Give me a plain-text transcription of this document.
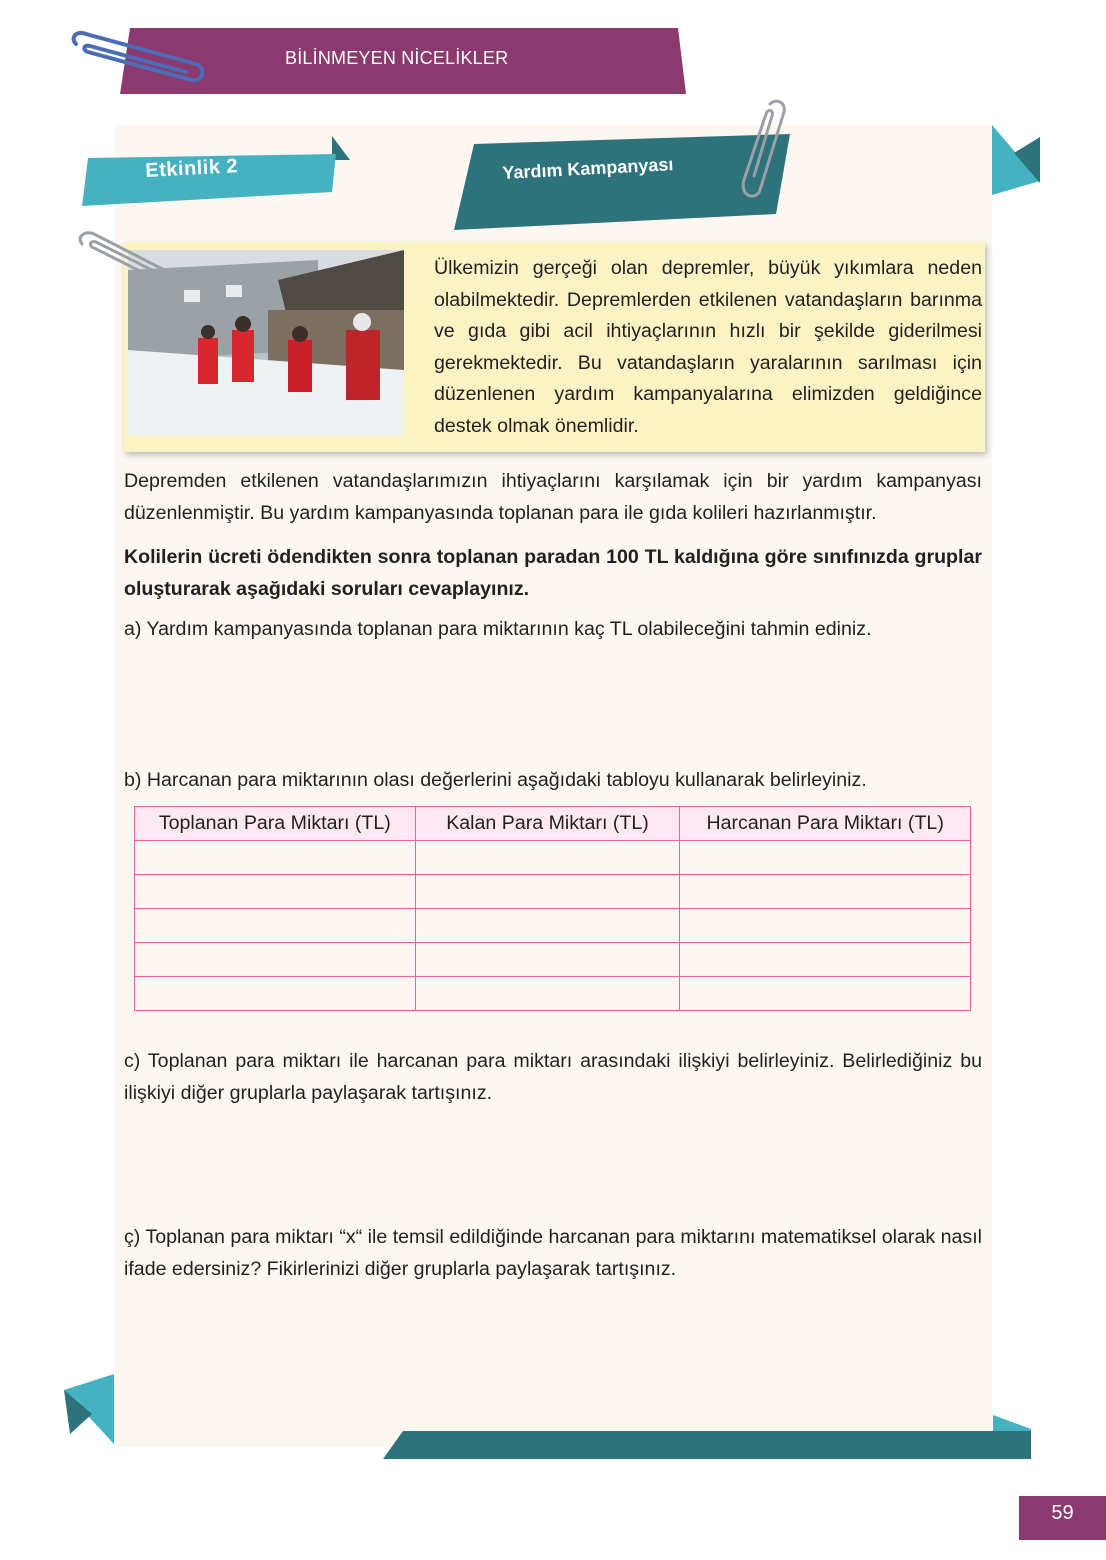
BİLİNMEYEN NİCELİKLER
Etkinlik 2	Yardım Kampanyası
Ülkemizin gerçeği olan depremler, büyük yıkımlara neden olabilmektedir. Depremlerden etkilenen vatandaşların barınma ve gıda gibi acil ihtiyaçlarının hızlı bir şekilde giderilmesi gerekmektedir. Bu vatandaşların yaralarının sarılması için düzenlenen yardım kampanyalarına elimizden geldiğince destek olmak önemlidir.
Depremden etkilenen vatandaşlarımızın ihtiyaçlarını karşılamak için bir yardım kampanyası düzenlenmiştir. Bu yardım kampanyasında toplanan para ile gıda kolileri hazırlanmıştır.
Kolilerin ücreti ödendikten sonra toplanan paradan 100 TL kaldığına göre sınıfınızda gruplar oluşturarak aşağıdaki soruları cevaplayınız.
a) Yardım kampanyasında toplanan para miktarının kaç TL olabileceğini tahmin ediniz.
b) Harcanan para miktarının olası değerlerini aşağıdaki tabloyu kullanarak belirleyiniz.
Toplanan Para Miktarı (TL)	Kalan Para Miktarı (TL)	Harcanan Para Miktarı (TL)

c) Toplanan para miktarı ile harcanan para miktarı arasındaki ilişkiyi belirleyiniz. Belirlediğiniz bu ilişkiyi diğer gruplarla paylaşarak tartışınız.
ç) Toplanan para miktarı “x“ ile temsil edildiğinde harcanan para miktarını matematiksel olarak nasıl ifade edersiniz? Fikirlerinizi diğer gruplarla paylaşarak tartışınız.
59
